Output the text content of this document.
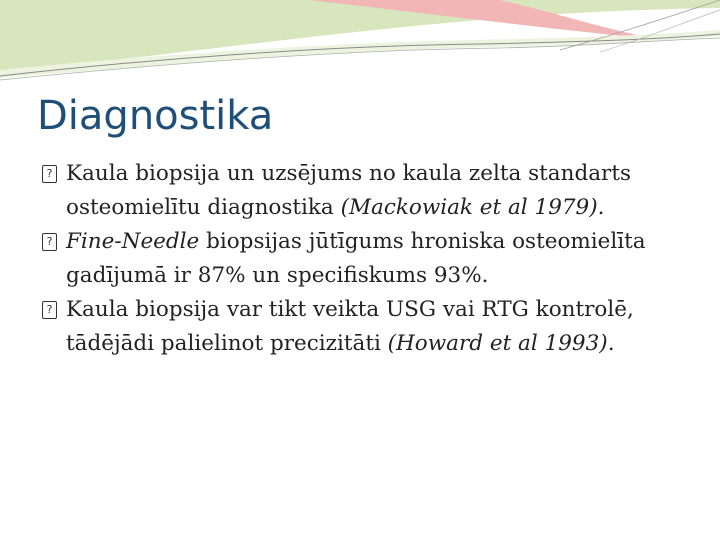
Diagnostika
?
Kaula biopsija un uzsējums no kaula zelta standarts
osteomielītu diagnostika (Mackowiak et al 1979).
?
Fine-Needle biopsijas jūtīgums hroniska osteomielīta
gadījumā ir 87% un specifiskums 93%.
?
Kaula biopsija var tikt veikta USG vai RTG kontrolē,
tādējādi palielinot precizitāti (Howard et al 1993).
